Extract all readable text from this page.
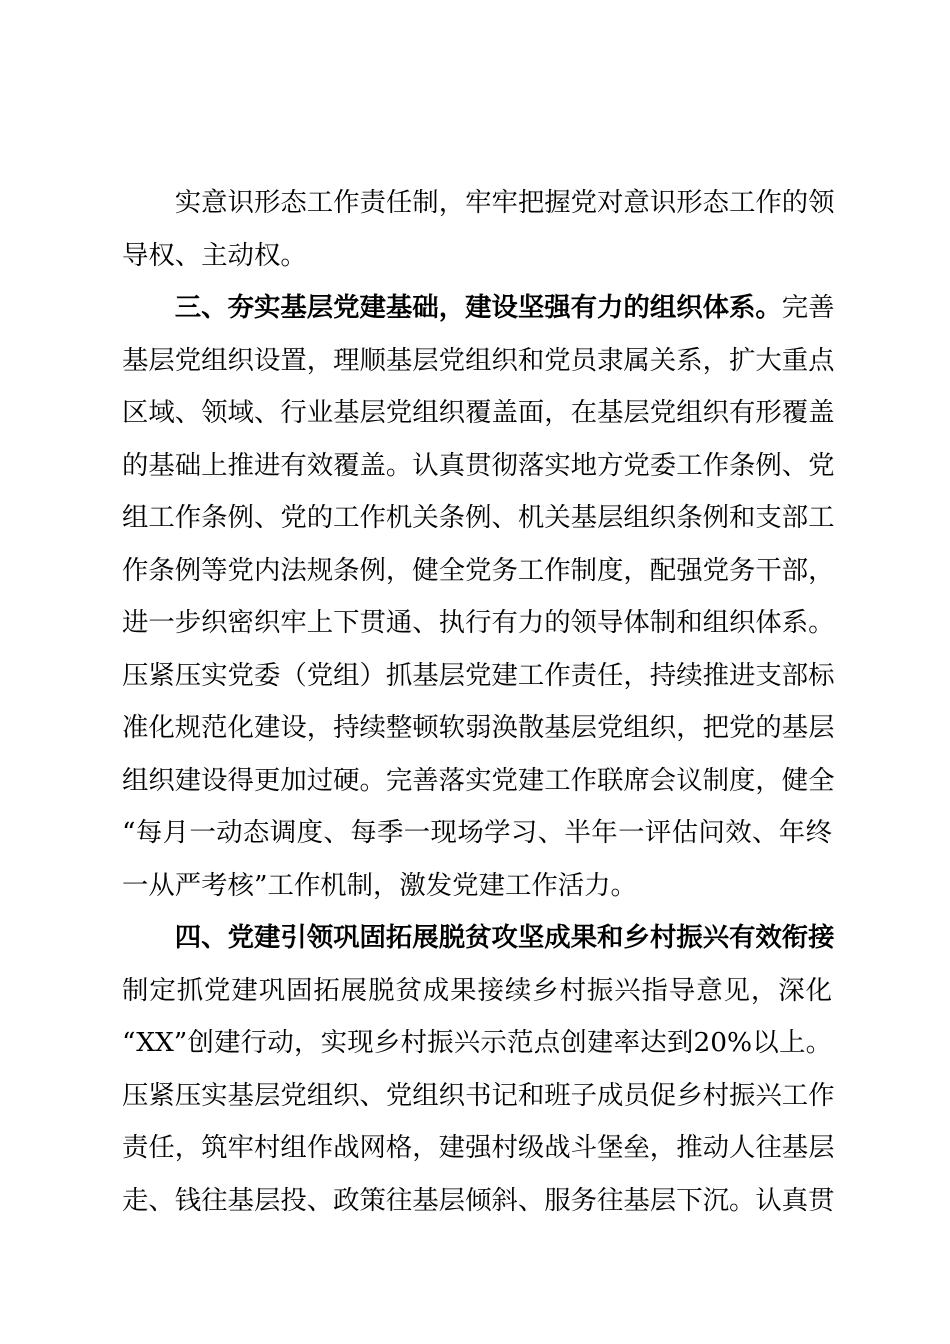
实意识形态工作责任制，牢牢把握党对意识形态工作的领
导权、主动权。
三、夯实基层党建基础，建设坚强有力的组织体系。完善
基层党组织设置，理顺基层党组织和党员隶属关系，扩大重点
区域、领域、行业基层党组织覆盖面，在基层党组织有形覆盖
的基础上推进有效覆盖。认真贯彻落实地方党委工作条例、党
组工作条例、党的工作机关条例、机关基层组织条例和支部工
作条例等党内法规条例，健全党务工作制度，配强党务干部，
进一步织密织牢上下贯通、执行有力的领导体制和组织体系。
压紧压实党委（党组）抓基层党建工作责任，持续推进支部标
准化规范化建设，持续整顿软弱涣散基层党组织，把党的基层
组织建设得更加过硬。完善落实党建工作联席会议制度，健全
“每月一动态调度、每季一现场学习、半年一评估问效、年终
一从严考核”工作机制，激发党建工作活力。
四、党建引领巩固拓展脱贫攻坚成果和乡村振兴有效衔接
制定抓党建巩固拓展脱贫成果接续乡村振兴指导意见，深化
“XX”创建行动，实现乡村振兴示范点创建率达到20%以上。
压紧压实基层党组织、党组织书记和班子成员促乡村振兴工作
责任，筑牢村组作战网格，建强村级战斗堡垒，推动人往基层
走、钱往基层投、政策往基层倾斜、服务往基层下沉。认真贯
